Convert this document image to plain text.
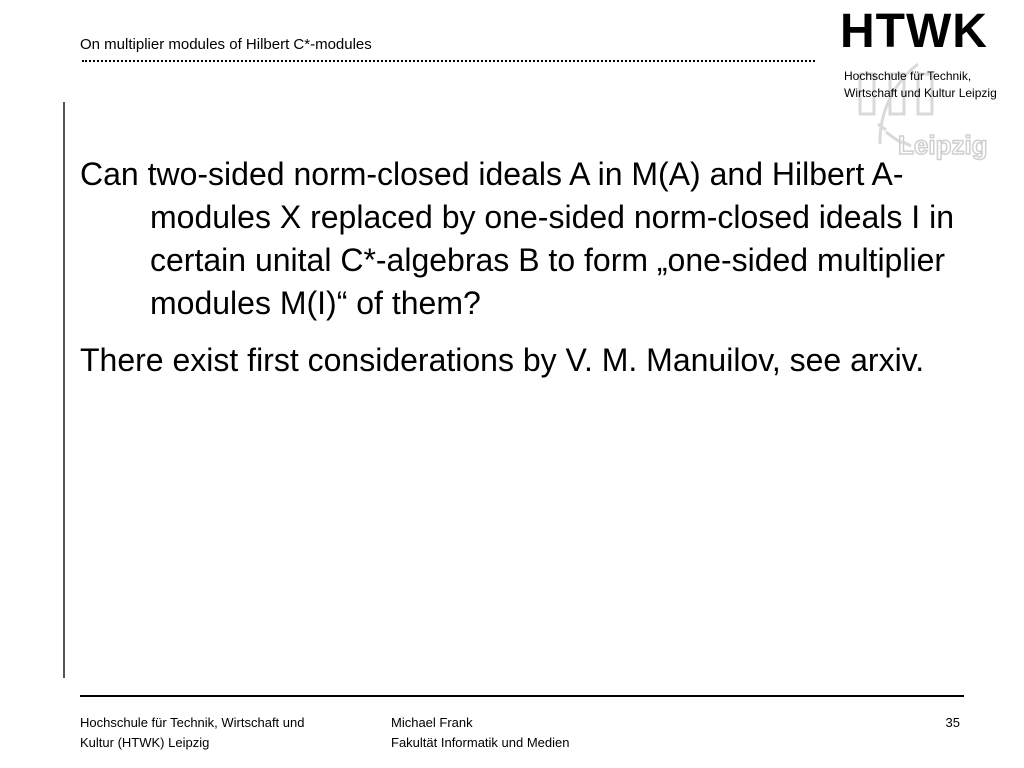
On multiplier modules of Hilbert C*-modules
Leipzig
HTWK
Hochschule für Technik,
Wirtschaft und Kultur Leipzig

Can two-sided norm-closed ideals A in M(A) and Hilbert A-modules X replaced by one-sided norm-closed ideals I in certain unital C*-algebras B to form „one-sided multiplier modules M(I)“ of them?

There exist first considerations by V. M. Manuilov, see arxiv.

Hochschule für Technik, Wirtschaft und
Kultur (HTWK) Leipzig
Michael Frank
Fakultät Informatik und Medien
35
